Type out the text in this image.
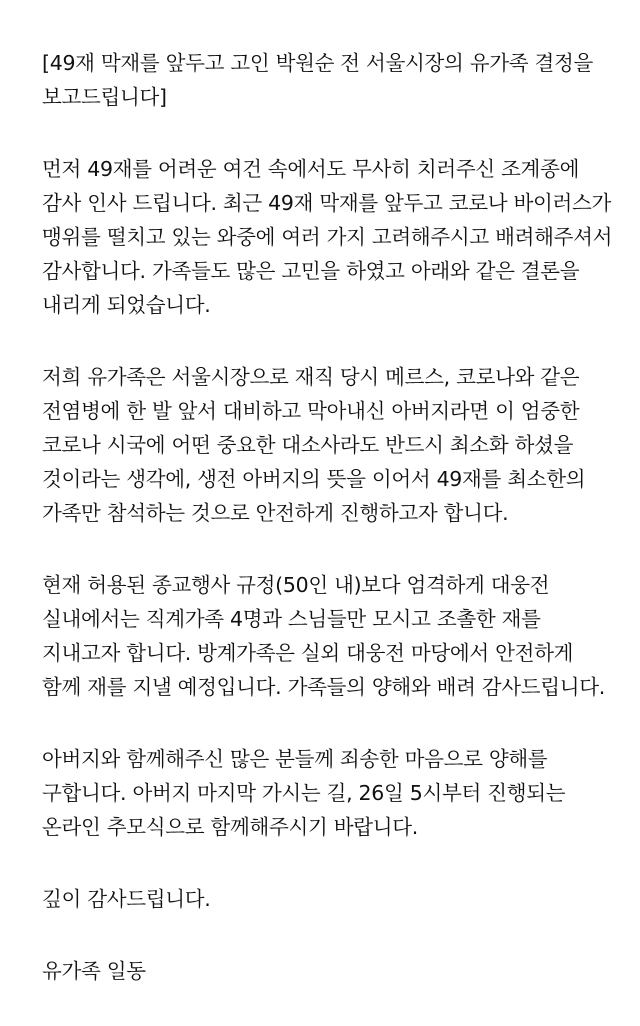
[49재 막재를 앞두고 고인 박원순 전 서울시장의 유가족 결정을
보고드립니다]
먼저 49재를 어려운 여건 속에서도 무사히 치러주신 조계종에
감사 인사 드립니다. 최근 49재 막재를 앞두고 코로나 바이러스가
맹위를 떨치고 있는 와중에 여러 가지 고려해주시고 배려해주셔서
감사합니다. 가족들도 많은 고민을 하였고 아래와 같은 결론을
내리게 되었습니다.
저희 유가족은 서울시장으로 재직 당시 메르스, 코로나와 같은
전염병에 한 발 앞서 대비하고 막아내신 아버지라면 이 엄중한
코로나 시국에 어떤 중요한 대소사라도 반드시 최소화 하셨을
것이라는 생각에, 생전 아버지의 뜻을 이어서 49재를 최소한의
가족만 참석하는 것으로 안전하게 진행하고자 합니다.
현재 허용된 종교행사 규정(50인 내)보다 엄격하게 대웅전
실내에서는 직계가족 4명과 스님들만 모시고 조촐한 재를
지내고자 합니다. 방계가족은 실외 대웅전 마당에서 안전하게
함께 재를 지낼 예정입니다. 가족들의 양해와 배려 감사드립니다.
아버지와 함께해주신 많은 분들께 죄송한 마음으로 양해를
구합니다. 아버지 마지막 가시는 길, 26일 5시부터 진행되는
온라인 추모식으로 함께해주시기 바랍니다.
깊이 감사드립니다.
유가족 일동
